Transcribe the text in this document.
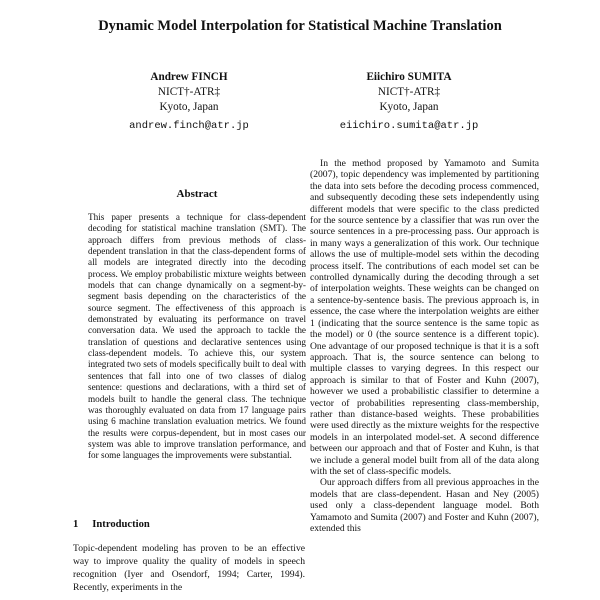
Dynamic Model Interpolation for Statistical Machine Translation
Andrew FINCH
NICT†-ATR‡
Kyoto, Japan
andrew.finch@atr.jp
Eiichiro SUMITA
NICT†-ATR‡
Kyoto, Japan
eiichiro.sumita@atr.jp
Abstract

This paper presents a technique for class-dependent decoding for statistical machine translation (SMT). The approach differs from previous methods of class-dependent translation in that the class-dependent forms of all models are integrated directly into the decoding process. We employ probabilistic mixture weights between models that can change dynamically on a segment-by-segment basis depending on the characteristics of the source segment. The effectiveness of this approach is demonstrated by evaluating its performance on travel conversation data. We used the approach to tackle the translation of questions and declarative sentences using class-dependent models. To achieve this, our system integrated two sets of models specifically built to deal with sentences that fall into one of two classes of dialog sentence: questions and declarations, with a third set of models built to handle the general class. The technique was thoroughly evaluated on data from 17 language pairs using 6 machine translation evaluation metrics. We found the results were corpus-dependent, but in most cases our system was able to improve translation performance, and for some languages the improvements were substantial.

1 Introduction

Topic-dependent modeling has proven to be an effective way to improve quality the quality of models in speech recognition (Iyer and Osendorf, 1994; Carter, 1994). Recently, experiments in the

In the method proposed by Yamamoto and Sumita (2007), topic dependency was implemented by partitioning the data into sets before the decoding process commenced, and subsequently decoding these sets independently using different models that were specific to the class predicted for the source sentence by a classifier that was run over the source sentences in a pre-processing pass. Our approach is in many ways a generalization of this work. Our technique allows the use of multiple-model sets within the decoding process itself. The contributions of each model set can be controlled dynamically during the decoding through a set of interpolation weights. These weights can be changed on a sentence-by-sentence basis. The previous approach is, in essence, the case where the interpolation weights are either 1 (indicating that the source sentence is the same topic as the model) or 0 (the source sentence is a different topic). One advantage of our proposed technique is that it is a soft approach. That is, the source sentence can belong to multiple classes to varying degrees. In this respect our approach is similar to that of Foster and Kuhn (2007), however we used a probabilistic classifier to determine a vector of probabilities representing class-membership, rather than distance-based weights. These probabilities were used directly as the mixture weights for the respective models in an interpolated model-set. A second difference between our approach and that of Foster and Kuhn, is that we include a general model built from all of the data along with the set of class-specific models.

Our approach differs from all previous approaches in the models that are class-dependent. Hasan and Ney (2005) used only a class-dependent language model. Both Yamamoto and Sumita (2007) and Foster and Kuhn (2007), extended this
